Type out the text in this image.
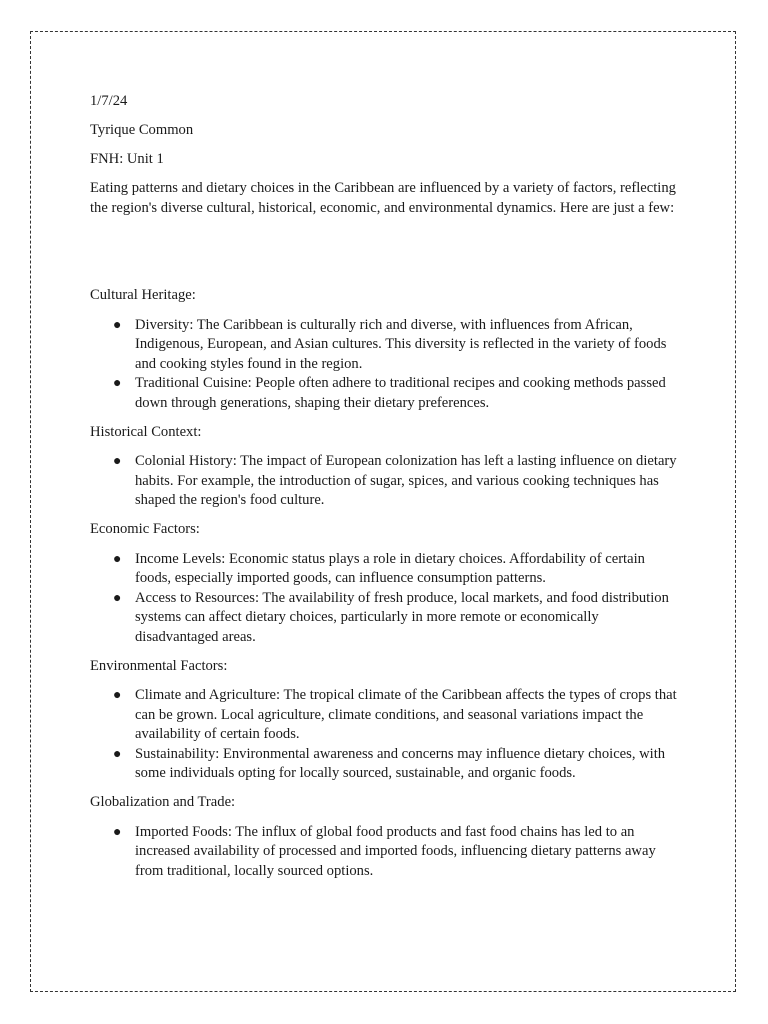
1/7/24

Tyrique Common

FNH: Unit 1

Eating patterns and dietary choices in the Caribbean are influenced by a variety of factors, reflecting the region's diverse cultural, historical, economic, and environmental dynamics. Here are just a few:

Cultural Heritage:

● Diversity: The Caribbean is culturally rich and diverse, with influences from African, Indigenous, European, and Asian cultures. This diversity is reflected in the variety of foods and cooking styles found in the region.
● Traditional Cuisine: People often adhere to traditional recipes and cooking methods passed down through generations, shaping their dietary preferences.

Historical Context:

● Colonial History: The impact of European colonization has left a lasting influence on dietary habits. For example, the introduction of sugar, spices, and various cooking techniques has shaped the region's food culture.

Economic Factors:

● Income Levels: Economic status plays a role in dietary choices. Affordability of certain foods, especially imported goods, can influence consumption patterns.
● Access to Resources: The availability of fresh produce, local markets, and food distribution systems can affect dietary choices, particularly in more remote or economically disadvantaged areas.

Environmental Factors:

● Climate and Agriculture: The tropical climate of the Caribbean affects the types of crops that can be grown. Local agriculture, climate conditions, and seasonal variations impact the availability of certain foods.
● Sustainability: Environmental awareness and concerns may influence dietary choices, with some individuals opting for locally sourced, sustainable, and organic foods.

Globalization and Trade:

● Imported Foods: The influx of global food products and fast food chains has led to an increased availability of processed and imported foods, influencing dietary patterns away from traditional, locally sourced options.
